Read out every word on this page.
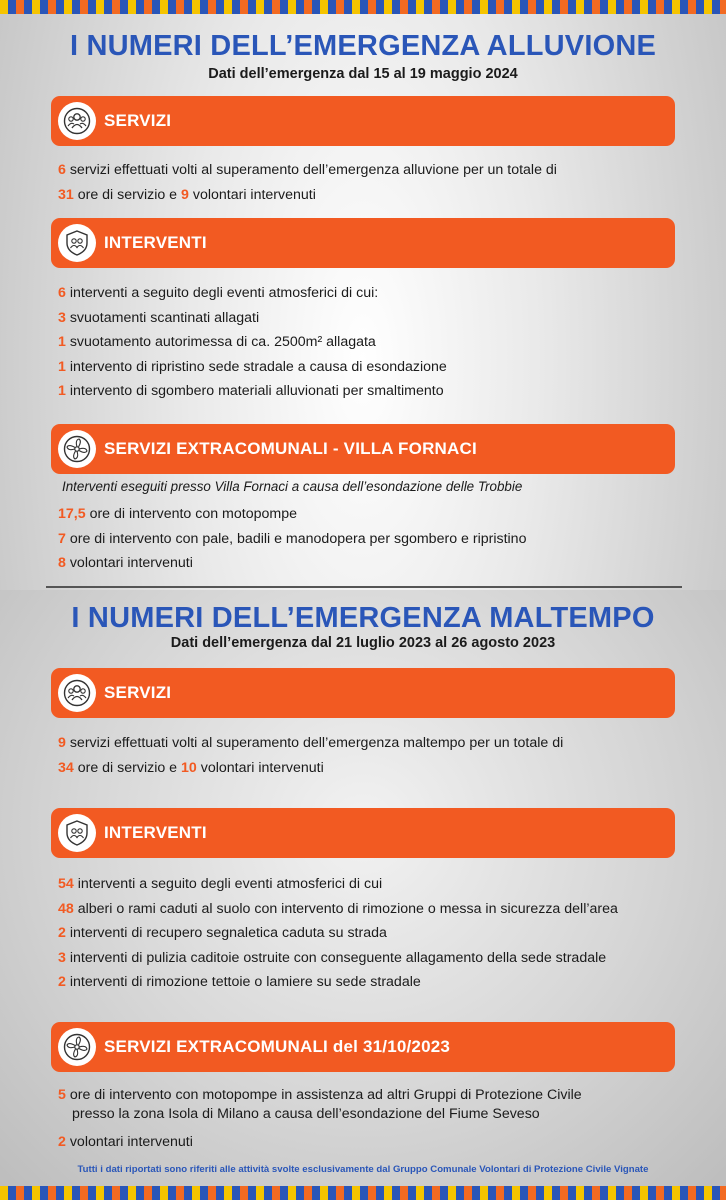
I NUMERI DELL’EMERGENZA ALLUVIONE
Dati dell’emergenza dal 15 al 19 maggio 2024
SERVIZI
6 servizi effettuati volti al superamento dell’emergenza alluvione per un totale di
31 ore di servizio e 9 volontari intervenuti
INTERVENTI
6 interventi a seguito degli eventi atmosferici di cui:
3 svuotamenti scantinati allagati
1 svuotamento autorimessa di ca. 2500m² allagata
1 intervento di ripristino sede stradale a causa di esondazione
1 intervento di sgombero materiali alluvionati per smaltimento
SERVIZI EXTRACOMUNALI - VILLA FORNACI
Interventi eseguiti presso Villa Fornaci a causa dell’esondazione delle Trobbie
17,5 ore di intervento con motopompe
7 ore di intervento con pale, badili e manodopera per sgombero e ripristino
8 volontari intervenuti
I NUMERI DELL’EMERGENZA MALTEMPO
Dati dell’emergenza dal 21 luglio 2023 al 26 agosto 2023
SERVIZI
9 servizi effettuati volti al superamento dell’emergenza maltempo per un totale di
34 ore di servizio e 10 volontari intervenuti
INTERVENTI
54 interventi a seguito degli eventi atmosferici di cui
48 alberi o rami caduti al suolo con intervento di rimozione o messa in sicurezza dell’area
2 interventi di recupero segnaletica caduta su strada
3 interventi di pulizia caditoie ostruite con conseguente allagamento della sede stradale
2 interventi di rimozione tettoie o lamiere su sede stradale
SERVIZI EXTRACOMUNALI del 31/10/2023
5 ore di intervento con motopompe in assistenza ad altri Gruppi di Protezione Civile
presso la zona Isola di Milano a causa dell’esondazione del Fiume Seveso
2 volontari intervenuti
Tutti i dati riportati sono riferiti alle attività svolte esclusivamente dal Gruppo Comunale Volontari di Protezione Civile Vignate
